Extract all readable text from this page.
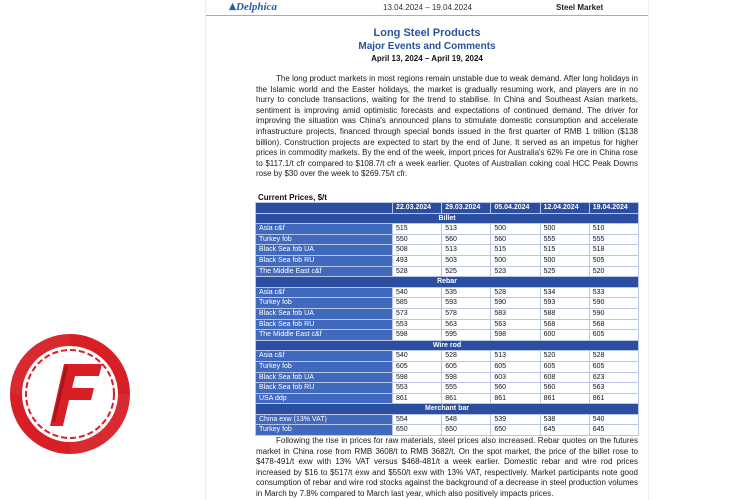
Delphica	13.04.2024 – 19.04.2024	Steel Market
Long Steel Products
Major Events and Comments
April 13, 2024 – April 19, 2024
The long product markets in most regions remain unstable due to weak demand. After long holidays in the Islamic world and the Easter holidays, the market is gradually resuming work, and players are in no hurry to conclude transactions, waiting for the trend to stabilise. In China and Southeast Asian markets, sentiment is improving amid optimistic forecasts and expectations of continued demand. The driver for improving the situation was China's announced plans to stimulate domestic consumption and accelerate infrastructure projects, financed through special bonds issued in the first quarter of RMB 1 trillion ($138 billion). Construction projects are expected to start by the end of June. It served as an impetus for higher prices in commodity markets. By the end of the week, import prices for Australia's 62% Fe ore in China rose to $117.1/t cfr compared to $108.7/t cfr a week earlier. Quotes of Australian coking coal HCC Peak Downs rose by $30 over the week to $269.75/t cfr.
Current Prices, $/t
	22.03.2024	29.03.2024	05.04.2024	12.04.2024	19.04.2024
Billet					
Asia c&f	515	513	500	500	510
Turkey fob	550	560	560	555	555
Black Sea fob UA	508	513	515	515	518
Black Sea fob RU	493	503	500	500	505
The Middle East c&f	528	525	523	525	520
Rebar					
Asia c&f	540	535	528	534	533
Turkey fob	585	593	590	593	590
Black Sea fob UA	573	578	583	588	590
Black Sea fob RU	553	563	563	568	568
The Middle East c&f	598	595	598	600	605
Wire rod					
Asia c&f	540	528	513	520	528
Turkey fob	605	605	605	605	605
Black Sea fob UA	598	598	603	608	623
Black Sea fob RU	553	555	560	560	563
USA ddp	861	861	861	861	861
Merchant bar					
China exw (13% VAT)	554	548	539	538	540
Turkey fob	650	650	650	645	645
Following the rise in prices for raw materials, steel prices also increased. Rebar quotes on the futures market in China rose from RMB 3608/t to RMB 3682/t. On the spot market, the price of the billet rose to $478-491/t exw with 13% VAT versus $468-481/t a week earlier. Domestic rebar and wire rod prices increased by $16 to $517/t exw and $550/t exw with 13% VAT, respectively. Market participants note good consumption of rebar and wire rod stocks against the background of a decrease in steel production volumes in March by 7.8% compared to March last year, which also positively impacts prices.
